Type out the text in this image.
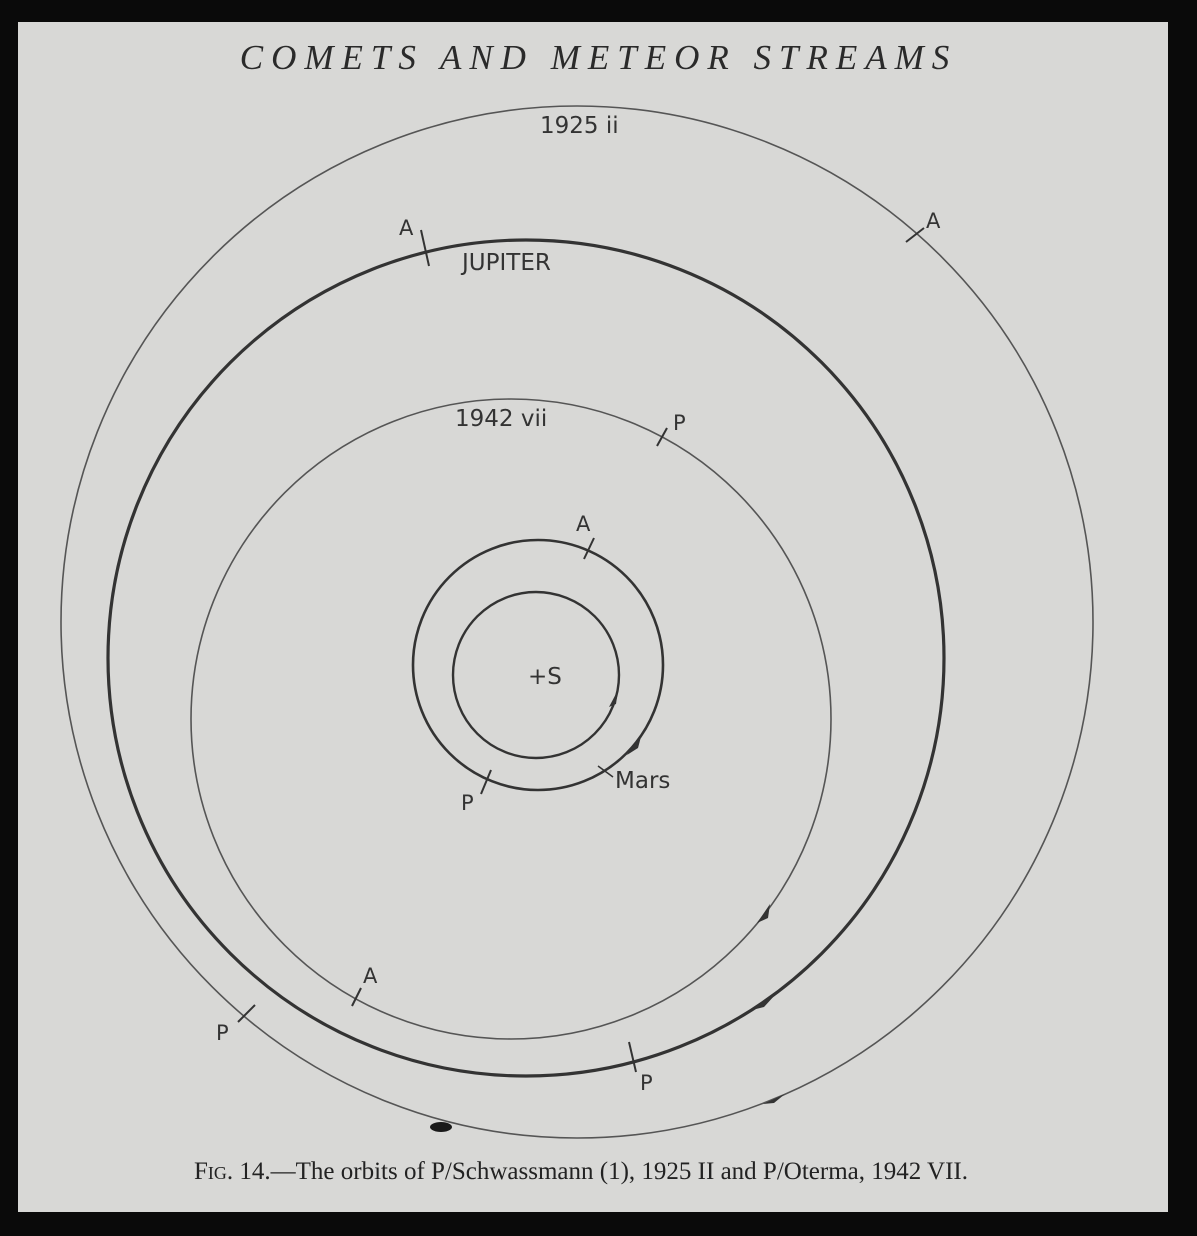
COMETS AND METEOR STREAMS
1925 ii
JUPITER
1942 vii
+S
Mars
A
P
A
P
P
A
A
P
Fig. 14.—The orbits of P/Schwassmann (1), 1925 II and P/Oterma, 1942 VII.
